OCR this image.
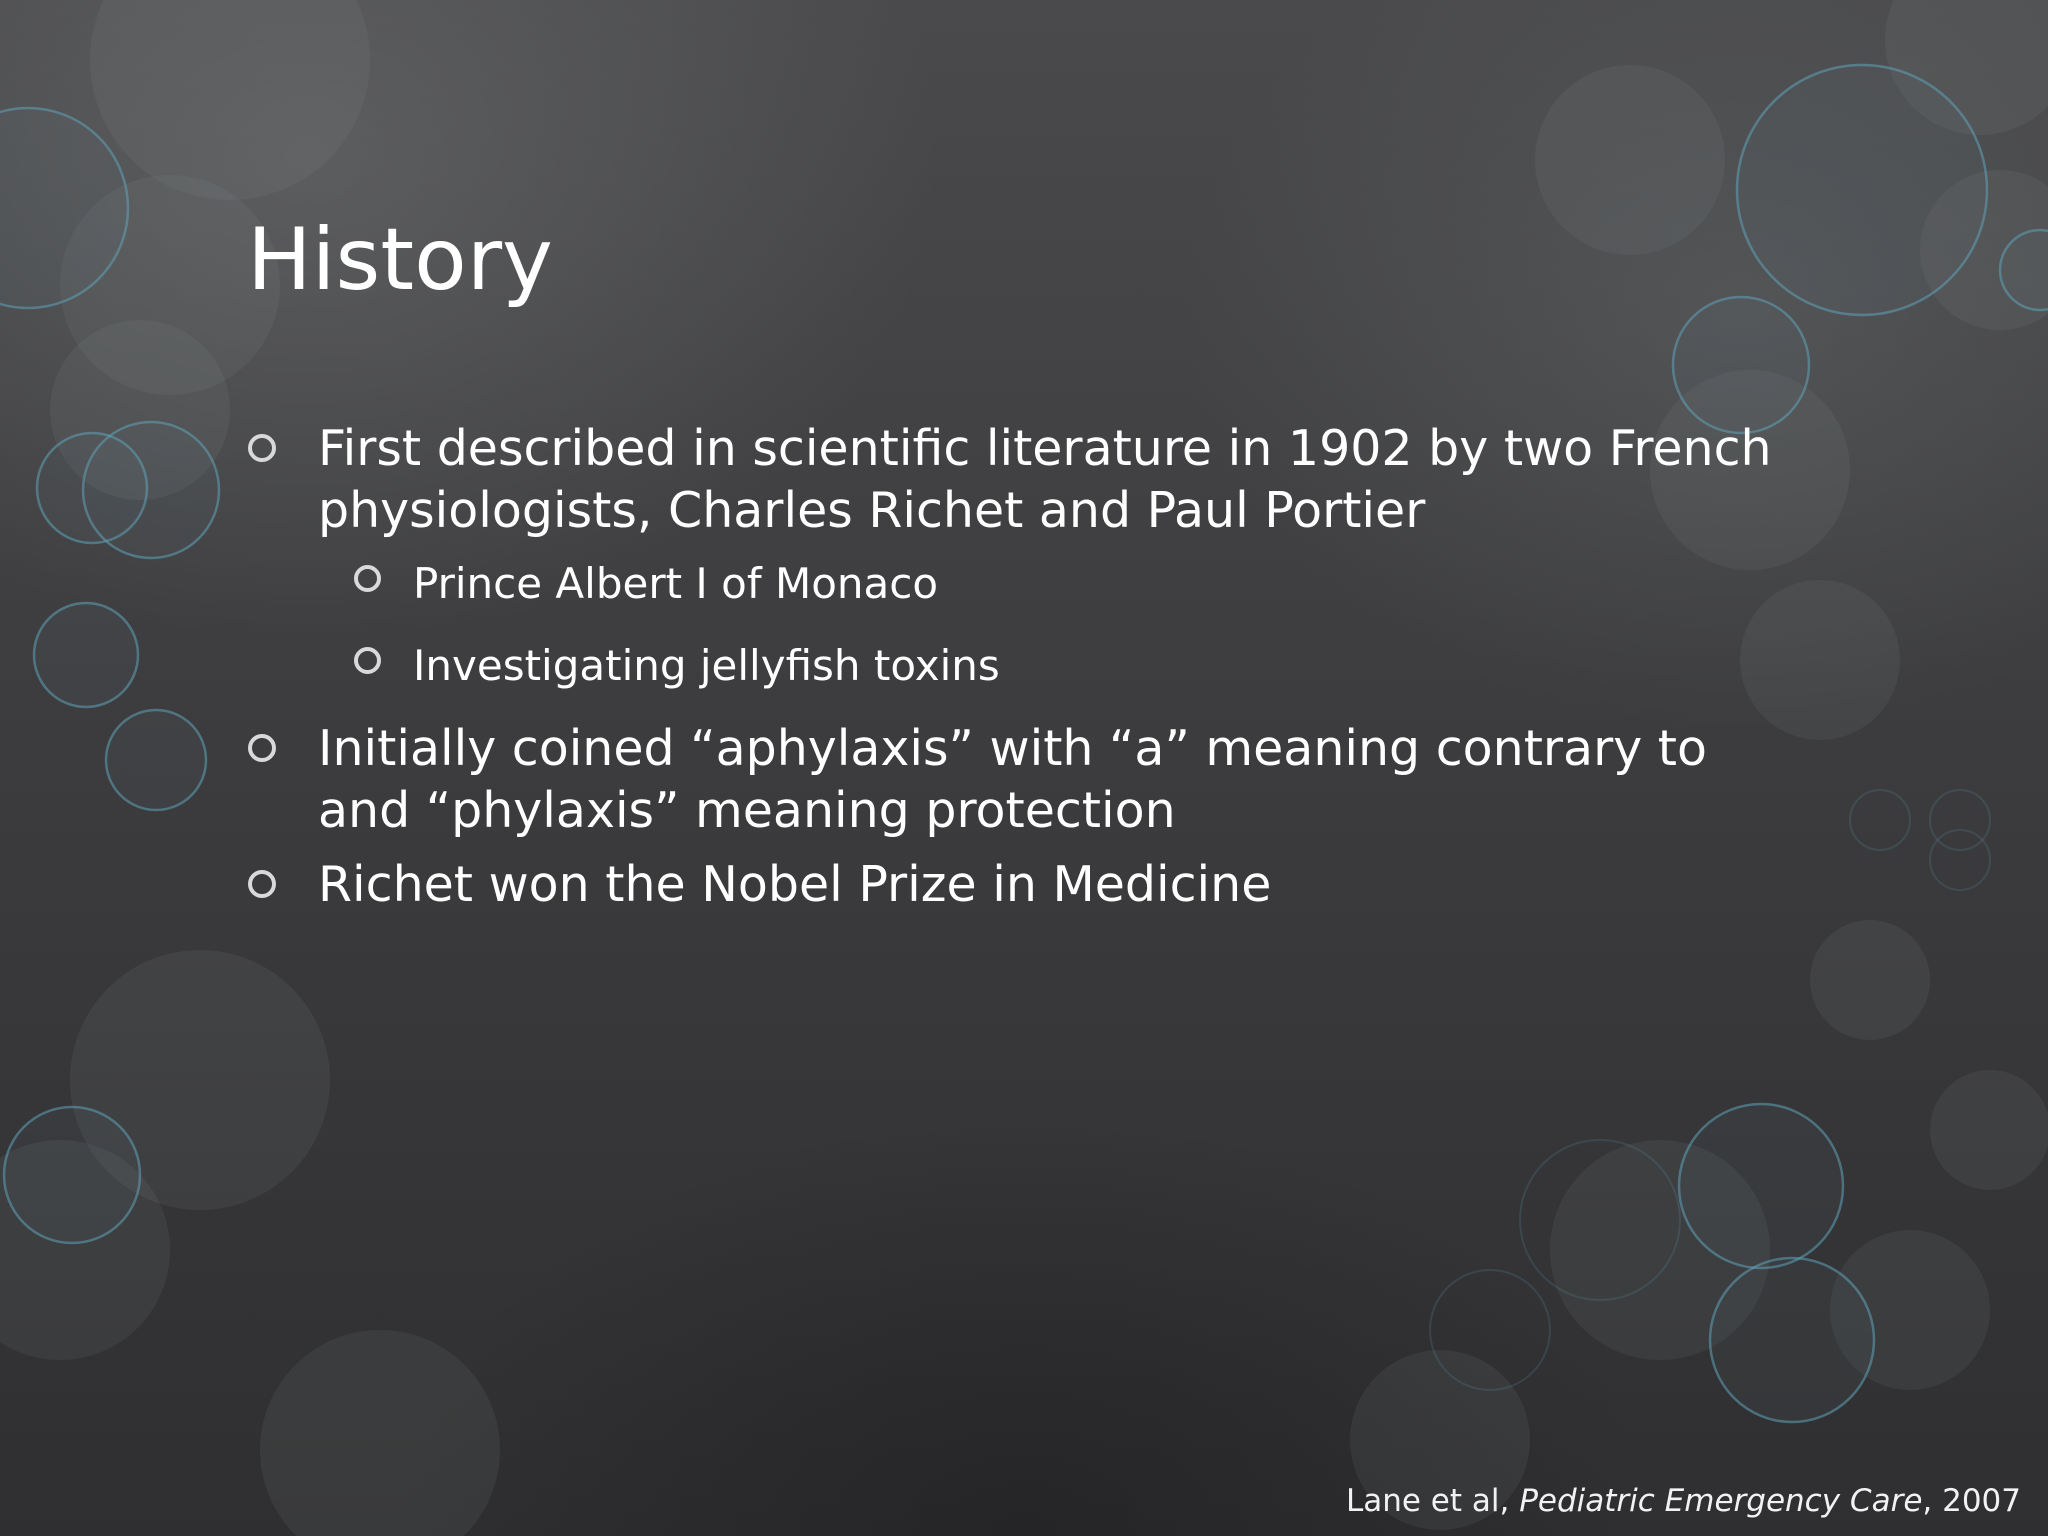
History
First described in scientific literature in 1902 by two French physiologists, Charles Richet and Paul Portier
Prince Albert I of Monaco
Investigating jellyfish toxins
Initially coined “aphylaxis” with “a” meaning contrary to and “phylaxis” meaning protection
Richet won the Nobel Prize in Medicine
Lane et al, Pediatric Emergency Care, 2007
